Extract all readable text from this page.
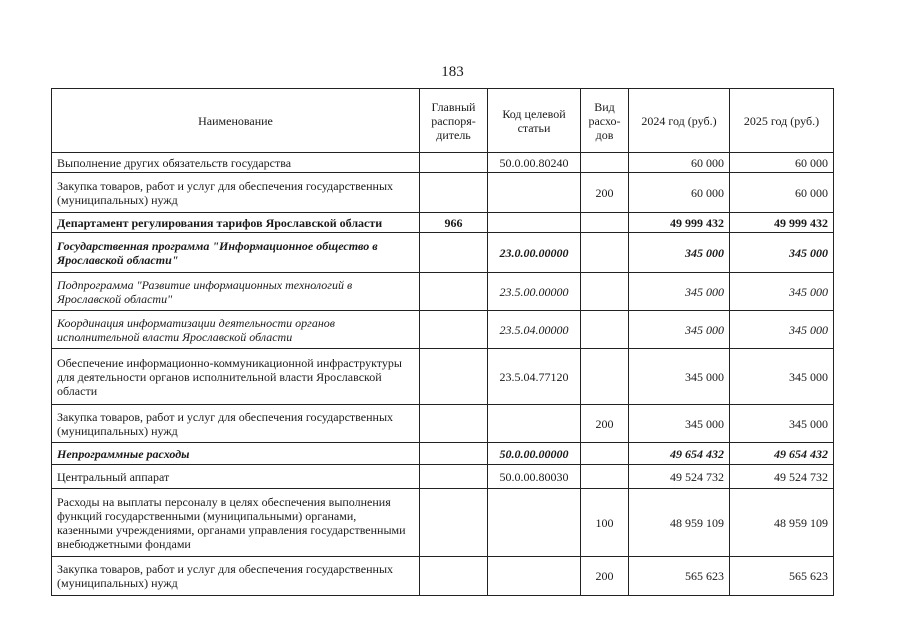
183
Наименование	Главный распоря-дитель	Код целевой статьи	Вид расхо-дов	2024 год (руб.)	2025 год (руб.)
Выполнение других обязательств государства		50.0.00.80240		60 000	60 000
Закупка товаров, работ и услуг для обеспечения государственных (муниципальных) нужд			200	60 000	60 000
Департамент регулирования тарифов Ярославской области	966			49 999 432	49 999 432
Государственная программа "Информационное общество в Ярославской области"		23.0.00.00000		345 000	345 000
Подпрограмма "Развитие информационных технологий в Ярославской области"		23.5.00.00000		345 000	345 000
Координация информатизации деятельности органов исполнительной власти Ярославской области		23.5.04.00000		345 000	345 000
Обеспечение информационно-коммуникационной инфраструктуры для деятельности органов исполнительной власти Ярославской области		23.5.04.77120		345 000	345 000
Закупка товаров, работ и услуг для обеспечения государственных (муниципальных) нужд			200	345 000	345 000
Непрограммные расходы		50.0.00.00000		49 654 432	49 654 432
Центральный аппарат		50.0.00.80030		49 524 732	49 524 732
Расходы на выплаты персоналу в целях обеспечения выполнения функций государственными (муниципальными) органами, казенными учреждениями, органами управления государственными внебюджетными фондами			100	48 959 109	48 959 109
Закупка товаров, работ и услуг для обеспечения государственных (муниципальных) нужд			200	565 623	565 623
